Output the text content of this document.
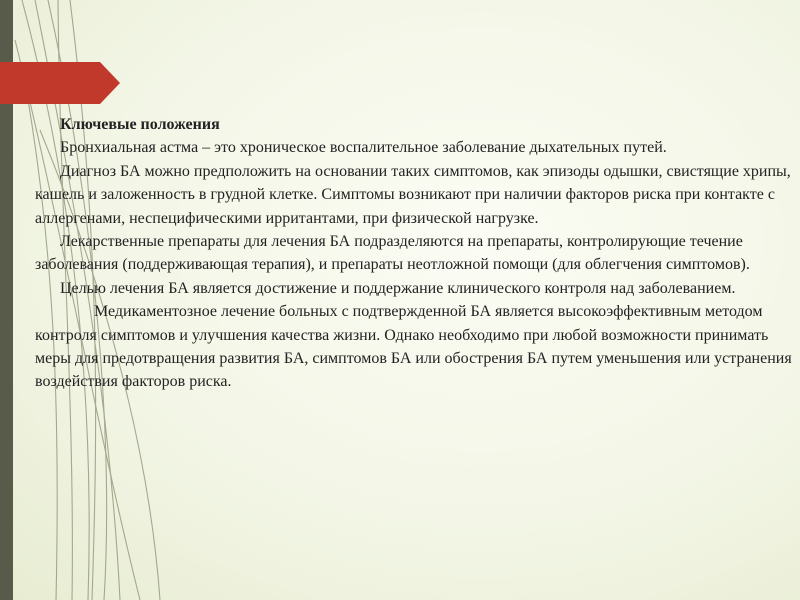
Ключевые положения

Бронхиальная астма – это хроническое воспалительное заболевание дыхательных путей.

Диагноз БА можно предположить на основании таких симптомов, как эпизоды одышки, свистящие хрипы, кашель и заложенность в грудной клетке. Симптомы возникают при наличии факторов риска при контакте с аллергенами, неспецифическими ирритантами, при физической нагрузке.

Лекарственные препараты для лечения БА подразделяются на препараты, контролирующие течение заболевания (поддерживающая терапия), и препараты неотложной помощи (для облегчения симптомов).

Целью лечения БА является достижение и поддержание клинического контроля над заболеванием.

Медикаментозное лечение больных с подтвержденной БА является высокоэффективным методом контроля симптомов и улучшения качества жизни. Однако необходимо при любой возможности принимать меры для предотвращения развития БА, симптомов БА или обострения БА путем уменьшения или устранения воздействия факторов риска.
